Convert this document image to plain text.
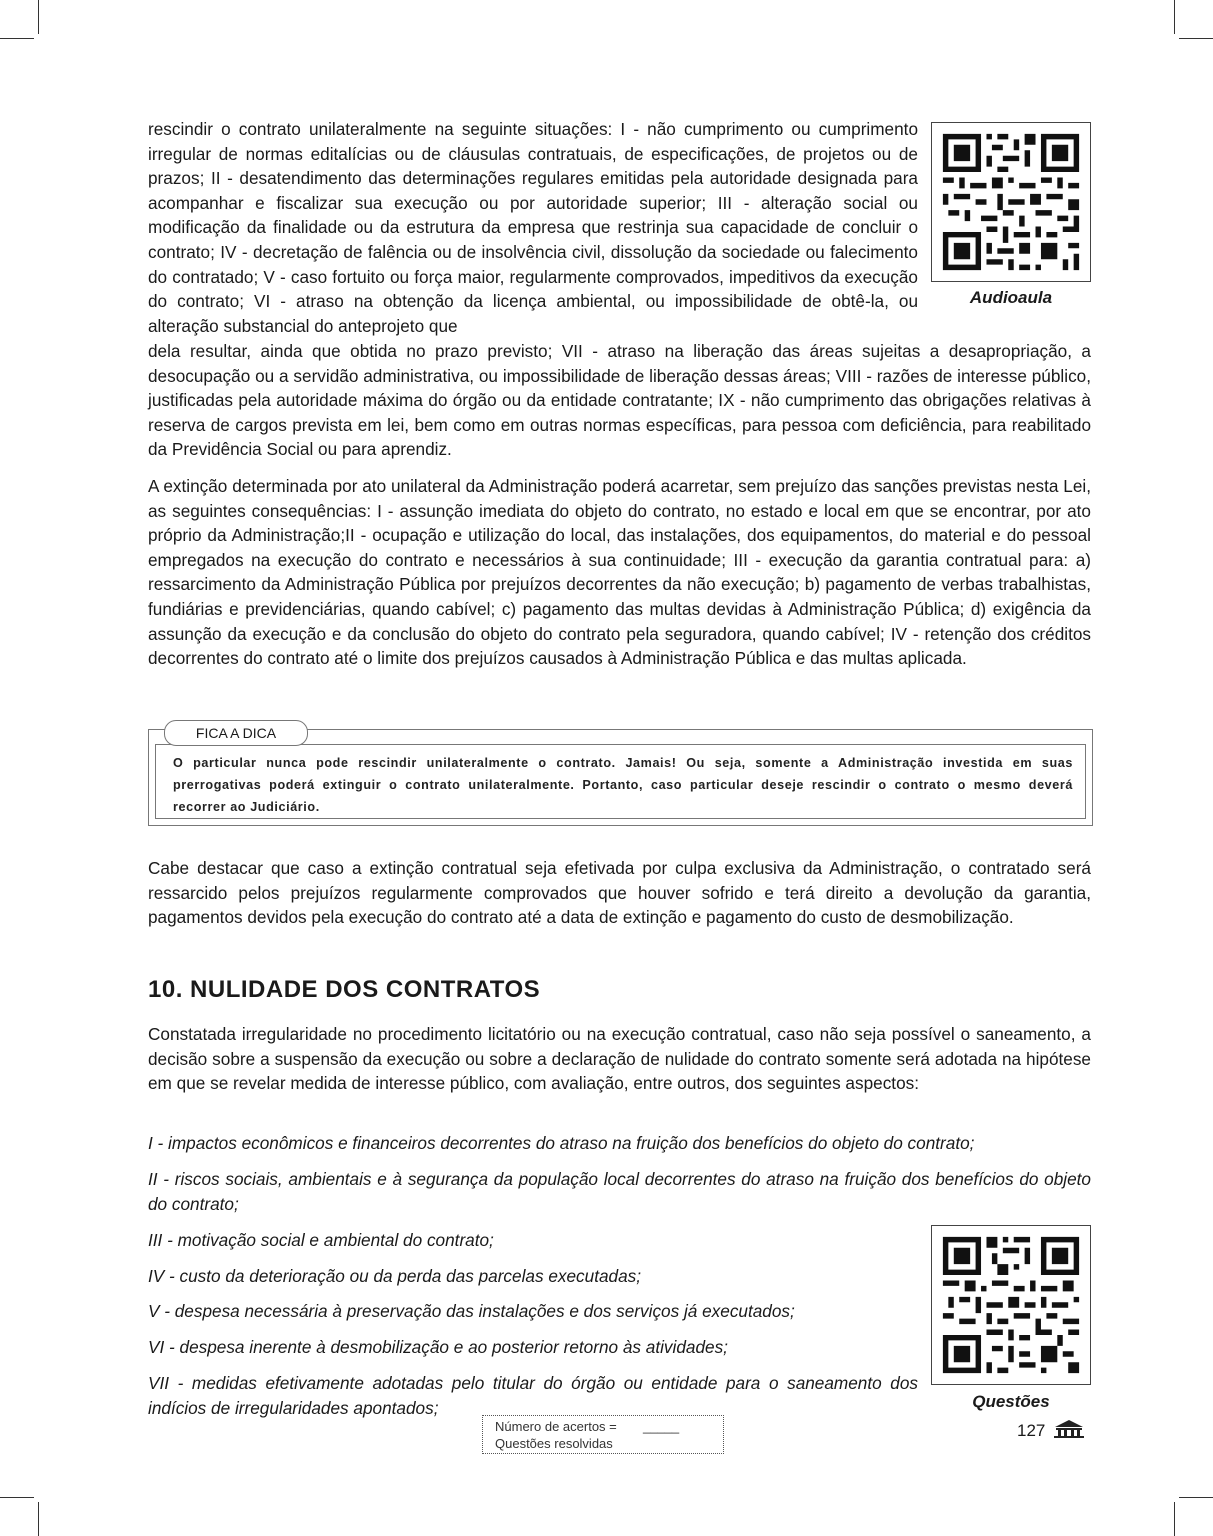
rescindir o contrato unilateralmente na seguinte situações: I - não cumprimento ou cumprimento irregular de normas editalícias ou de cláusulas contratuais, de especificações, de projetos ou de prazos; II - desatendimento das determinações regulares emitidas pela autoridade designada para acompanhar e fiscalizar sua execução ou por autoridade superior; III - alteração social ou modificação da finalidade ou da estrutura da empresa que restrinja sua capacidade de concluir o contrato; IV - decretação de falência ou de insolvência civil, dissolução da sociedade ou falecimento do contratado; V - caso fortuito ou força maior, regularmente comprovados, impeditivos da execução do contrato; VI - atraso na obtenção da licença ambiental, ou impossibilidade de obtê-la, ou alteração substancial do anteprojeto que

dela resultar, ainda que obtida no prazo previsto; VII - atraso na liberação das áreas sujeitas a desapropriação, a desocupação ou a servidão administrativa, ou impossibilidade de liberação dessas áreas; VIII - razões de interesse público, justificadas pela autoridade máxima do órgão ou da entidade contratante; IX - não cumprimento das obrigações relativas à reserva de cargos prevista em lei, bem como em outras normas específicas, para pessoa com deficiência, para reabilitado da Previdência Social ou para aprendiz.

Audioaula

A extinção determinada por ato unilateral da Administração poderá acarretar, sem prejuízo das sanções previstas nesta Lei, as seguintes consequências: I - assunção imediata do objeto do contrato, no estado e local em que se encontrar, por ato próprio da Administração;II - ocupação e utilização do local, das instalações, dos equipamentos, do material e do pessoal empregados na execução do contrato e necessários à sua continuidade; III - execução da garantia contratual para: a) ressarcimento da Administração Pública por prejuízos decorrentes da não execução; b) pagamento de verbas trabalhistas, fundiárias e previdenciárias, quando cabível; c) pagamento das multas devidas à Administração Pública; d) exigência da assunção da execução e da conclusão do objeto do contrato pela seguradora, quando cabível; IV - retenção dos créditos decorrentes do contrato até o limite dos prejuízos causados à Administração Pública e das multas aplicada.

FICA A DICA

O particular nunca pode rescindir unilateralmente o contrato. Jamais! Ou seja, somente a Administração investida em suas prerrogativas poderá extinguir o contrato unilateralmente. Portanto, caso particular deseje rescindir o contrato o mesmo deverá recorrer ao Judiciário.

Cabe destacar que caso a extinção contratual seja efetivada por culpa exclusiva da Administração, o contratado será ressarcido pelos prejuízos regularmente comprovados que houver sofrido e terá direito a devolução da garantia, pagamentos devidos pela execução do contrato até a data de extinção e pagamento do custo de desmobilização.

10. NULIDADE DOS CONTRATOS

Constatada irregularidade no procedimento licitatório ou na execução contratual, caso não seja possível o saneamento, a decisão sobre a suspensão da execução ou sobre a declaração de nulidade do contrato somente será adotada na hipótese em que se revelar medida de interesse público, com avaliação, entre outros, dos seguintes aspectos:

I - impactos econômicos e financeiros decorrentes do atraso na fruição dos benefícios do objeto do contrato;

II - riscos sociais, ambientais e à segurança da população local decorrentes do atraso na fruição dos benefícios do objeto do contrato;

III - motivação social e ambiental do contrato;

IV - custo da deterioração ou da perda das parcelas executadas;

V - despesa necessária à preservação das instalações e dos serviços já executados;

VI - despesa inerente à desmobilização e ao posterior retorno às atividades;

VII - medidas efetivamente adotadas pelo titular do órgão ou entidade para o saneamento dos indícios de irregularidades apontados;	Questões
Número de acertos =
Questões resolvidas
_____	127
